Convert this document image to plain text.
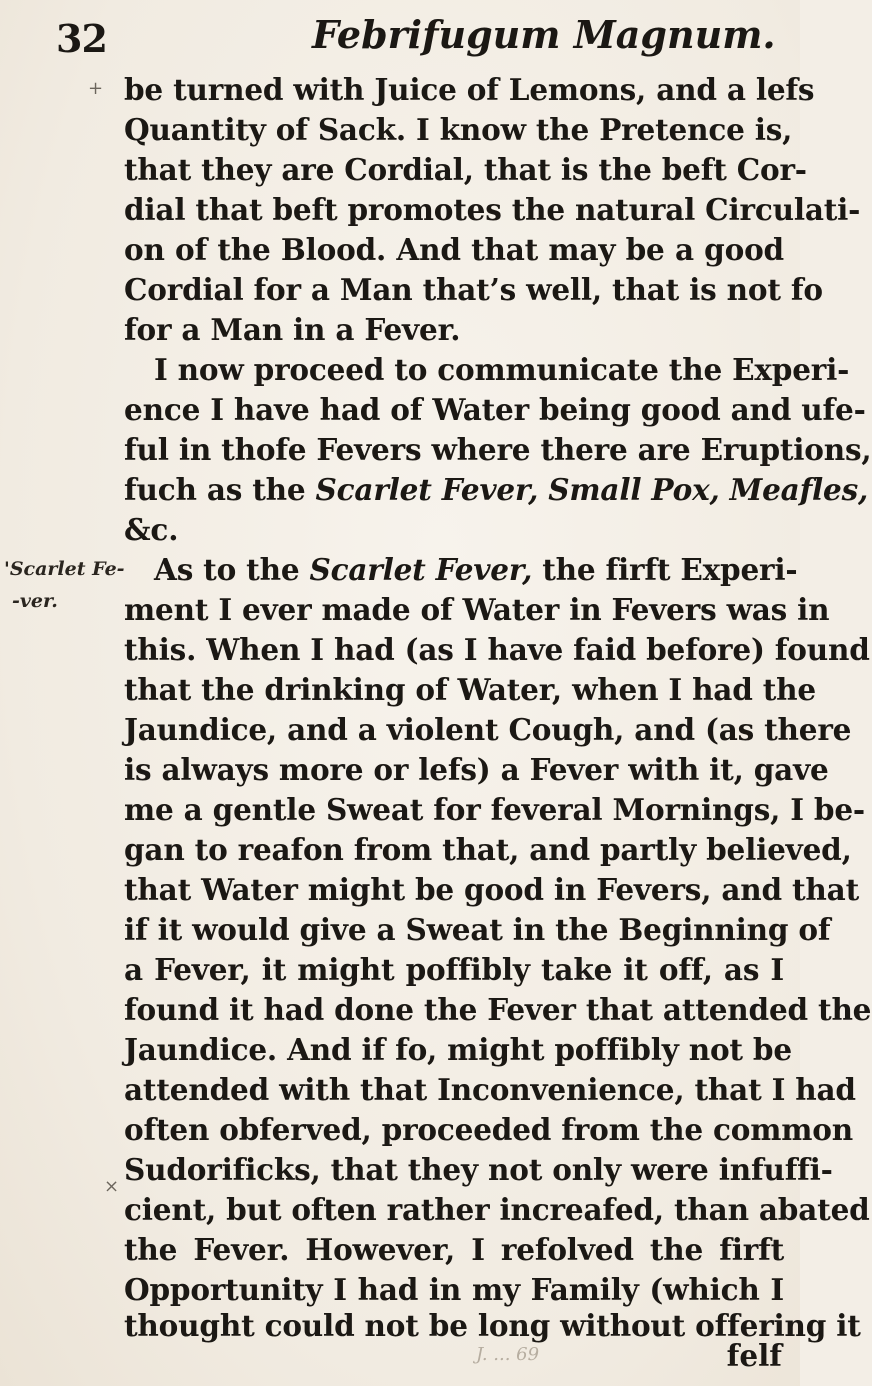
32	Febrifugum Magnum.
be turned with Juice of Lemons, and a lefs
Quantity of Sack. I know the Pretence is,
that they are Cordial, that is the beft Cor-
dial that beft promotes the natural Circulati-
on of the Blood. And that may be a good
Cordial for a Man that’s well, that is not fo
for a Man in a Fever.
I now proceed to communicate the Experi-
ence I have had of Water being good and ufe-
ful in thofe Fevers where there are Eruptions,
fuch as the Scarlet Fever, Small Pox, Meafles,
&c.
As to the Scarlet Fever, the firft Experi-
ment I ever made of Water in Fevers was in
this. When I had (as I have faid before) found
that the drinking of Water, when I had the
Jaundice, and a violent Cough, and (as there
is always more or lefs) a Fever with it, gave
me a gentle Sweat for feveral Mornings, I be-
gan to reafon from that, and partly believed,
that Water might be good in Fevers, and that
if it would give a Sweat in the Beginning of
a Fever, it might poffibly take it off, as I
found it had done the Fever that attended the
Jaundice. And if fo, might poffibly not be
attended with that Inconvenience, that I had
often obferved, proceeded from the common
Sudorificks, that they not only were infuffi-
cient, but often rather increafed, than abated
the Fever. However, I refolved the firft
Opportunity I had in my Family (which I
thought could not be long without offering it
'Scarlet Fe-
-ver.
+
×
felf
J. ... 69
